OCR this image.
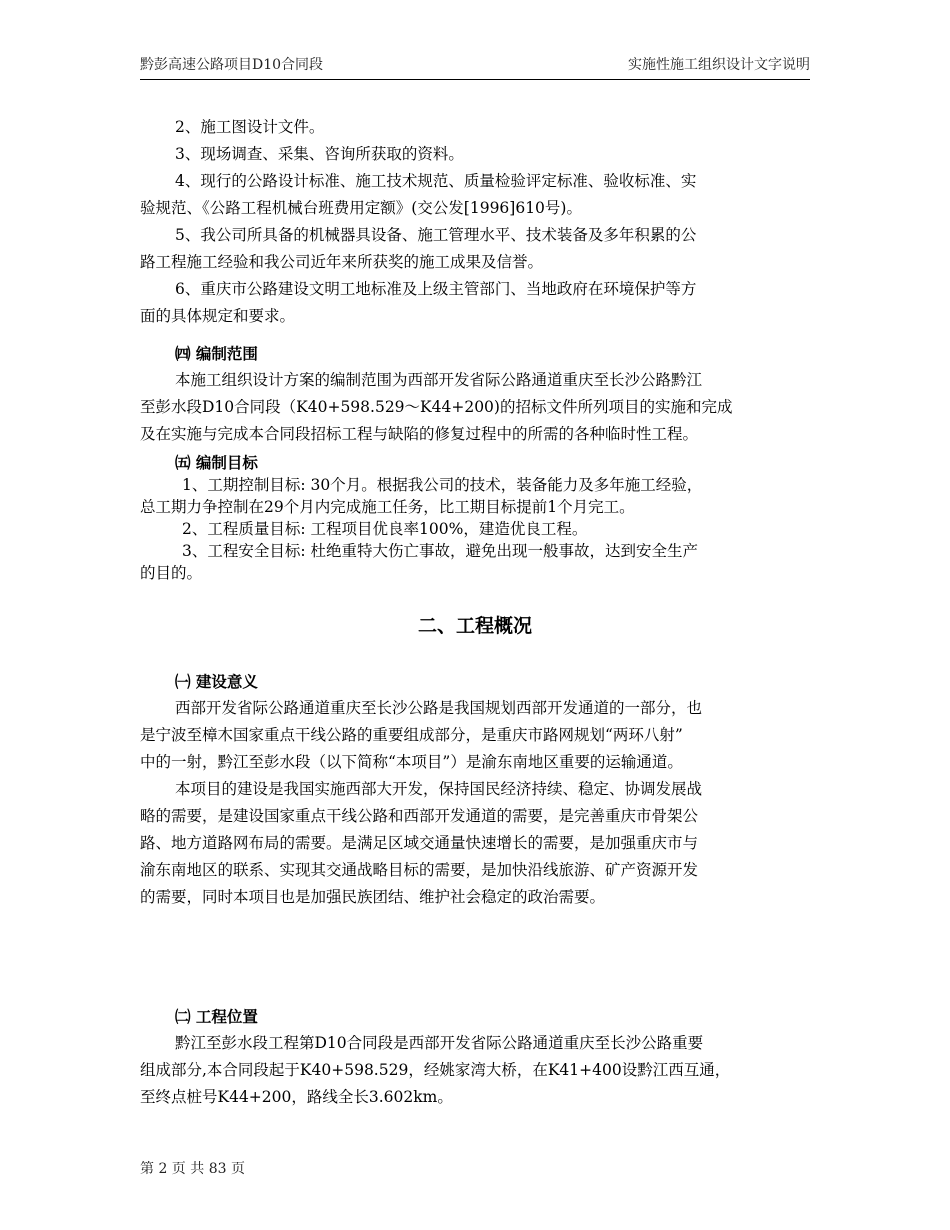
黔彭高速公路项目D10合同段	实施性施工组织设计文字说明
2、施工图设计文件。
3、现场调查、采集、咨询所获取的资料。
4、现行的公路设计标准、施工技术规范、质量检验评定标准、验收标准、实
验规范、《公路工程机械台班费用定额》(交公发[1996]610号)。
5、我公司所具备的机械器具设备、施工管理水平、技术装备及多年积累的公
路工程施工经验和我公司近年来所获奖的施工成果及信誉。
6、重庆市公路建设文明工地标准及上级主管部门、当地政府在环境保护等方
面的具体规定和要求。
㈣ 编制范围
本施工组织设计方案的编制范围为西部开发省际公路通道重庆至长沙公路黔江
至彭水段D10合同段（K40+598.529～K44+200)的招标文件所列项目的实施和完成
及在实施与完成本合同段招标工程与缺陷的修复过程中的所需的各种临时性工程。
㈤ 编制目标
1、工期控制目标: 30个月。根据我公司的技术，装备能力及多年施工经验，
总工期力争控制在29个月内完成施工任务，比工期目标提前1个月完工。
2、工程质量目标: 工程项目优良率100%，建造优良工程。
3、工程安全目标: 杜绝重特大伤亡事故，避免出现一般事故，达到安全生产
的目的。
二、工程概况
㈠ 建设意义
西部开发省际公路通道重庆至长沙公路是我国规划西部开发通道的一部分，也
是宁波至樟木国家重点干线公路的重要组成部分，是重庆市路网规划“两环八射”
中的一射，黔江至彭水段（以下简称“本项目”）是渝东南地区重要的运输通道。
本项目的建设是我国实施西部大开发，保持国民经济持续、稳定、协调发展战
略的需要，是建设国家重点干线公路和西部开发通道的需要，是完善重庆市骨架公
路、地方道路网布局的需要。是满足区域交通量快速增长的需要，是加强重庆市与
渝东南地区的联系、实现其交通战略目标的需要，是加快沿线旅游、矿产资源开发
的需要，同时本项目也是加强民族团结、维护社会稳定的政治需要。
㈡ 工程位置
黔江至彭水段工程第D10合同段是西部开发省际公路通道重庆至长沙公路重要
组成部分,本合同段起于K40+598.529，经姚家湾大桥，在K41+400设黔江西互通，
至终点桩号K44+200，路线全长3.602km。
第 2 页 共 83 页
